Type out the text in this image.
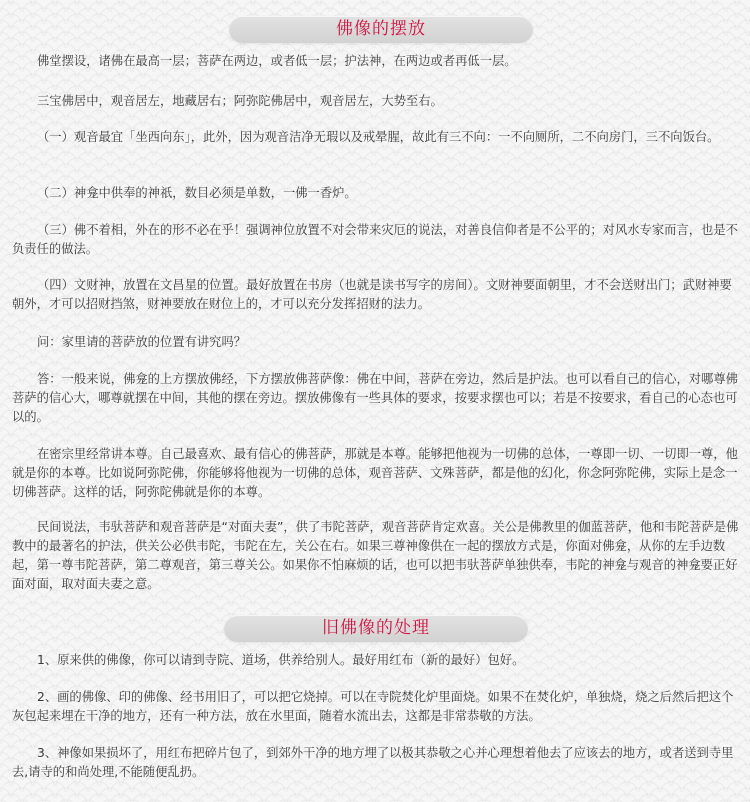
佛像的摆放

佛堂摆设，诸佛在最高一层；菩萨在两边，或者低一层；护法神，在两边或者再低一层。

三宝佛居中，观音居左，地藏居右；阿弥陀佛居中，观音居左，大势至右。

（一）观音最宜「坐西向东」，此外，因为观音洁净无瑕以及戒晕腥，故此有三不向：一不向厕所，二不向房门，三不向饭台。

（二）神龛中供奉的神祇，数目必须是单数，一佛一香炉。

（三）佛不着相，外在的形不必在乎！强调神位放置不对会带来灾厄的说法，对善良信仰者是不公平的；对风水专家而言，也是不负责任的做法。

（四）文财神，放置在文昌星的位置。最好放置在书房（也就是读书写字的房间）。文财神要面朝里，才不会送财出门；武财神要朝外，才可以招财挡煞，财神要放在财位上的，才可以充分发挥招财的法力。

问：家里请的菩萨放的位置有讲究吗？

答：一般来说，佛龛的上方摆放佛经，下方摆放佛菩萨像：佛在中间，菩萨在旁边，然后是护法。也可以看自己的信心，对哪尊佛菩萨的信心大，哪尊就摆在中间，其他的摆在旁边。摆放佛像有一些具体的要求，按要求摆也可以；若是不按要求，看自己的心态也可以的。

在密宗里经常讲本尊。自己最喜欢、最有信心的佛菩萨，那就是本尊。能够把他视为一切佛的总体，一尊即一切、一切即一尊，他就是你的本尊。比如说阿弥陀佛，你能够将他视为一切佛的总体，观音菩萨、文殊菩萨，都是他的幻化，你念阿弥陀佛，实际上是念一切佛菩萨。这样的话，阿弥陀佛就是你的本尊。

民间说法，韦驮菩萨和观音菩萨是“对面夫妻”，供了韦陀菩萨，观音菩萨肯定欢喜。关公是佛教里的伽蓝菩萨，他和韦陀菩萨是佛教中的最著名的护法，供关公必供韦陀，韦陀在左，关公在右。如果三尊神像供在一起的摆放方式是，你面对佛龛，从你的左手边数起，第一尊韦陀菩萨，第二尊观音，第三尊关公。如果你不怕麻烦的话，也可以把韦驮菩萨单独供奉，韦陀的神龛与观音的神龛要正好面对面，取对面夫妻之意。

旧佛像的处理

1、原来供的佛像，你可以请到寺院、道场，供养给别人。最好用红布（新的最好）包好。

2、画的佛像、印的佛像、经书用旧了，可以把它烧掉。可以在寺院焚化炉里面烧。如果不在焚化炉，单独烧，烧之后然后把这个灰包起来埋在干净的地方，还有一种方法，放在水里面，随着水流出去，这都是非常恭敬的方法。

3、神像如果损坏了，用红布把碎片包了，到郊外干净的地方埋了以极其恭敬之心并心理想着他去了应该去的地方，或者送到寺里去,请寺的和尚处理,不能随便乱扔。
